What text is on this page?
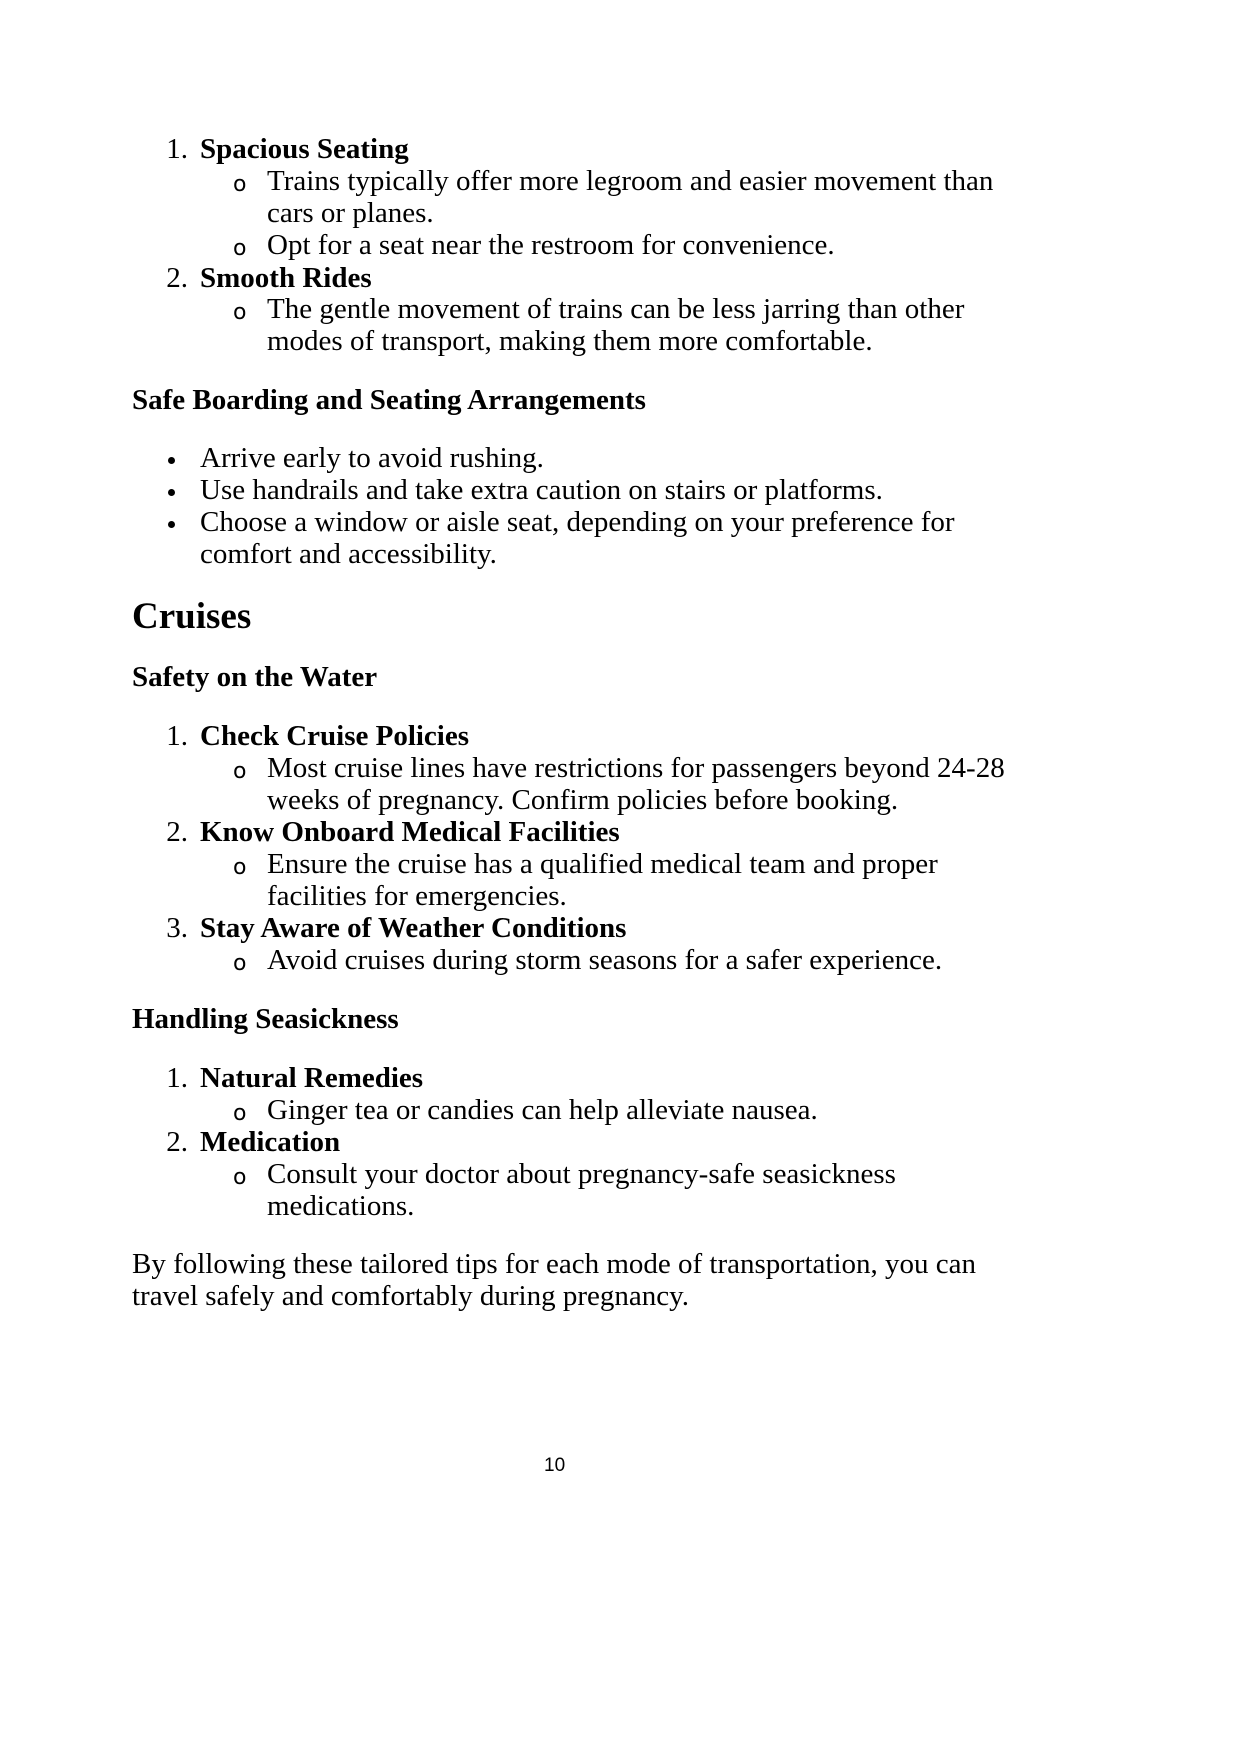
1. Spacious Seating
o Trains typically offer more legroom and easier movement than
cars or planes.
o Opt for a seat near the restroom for convenience.
2. Smooth Rides
o The gentle movement of trains can be less jarring than other
modes of transport, making them more comfortable.
Safe Boarding and Seating Arrangements
Arrive early to avoid rushing.
Use handrails and take extra caution on stairs or platforms.
Choose a window or aisle seat, depending on your preference for
comfort and accessibility.
Cruises
Safety on the Water
1. Check Cruise Policies
o Most cruise lines have restrictions for passengers beyond 24-28
weeks of pregnancy. Confirm policies before booking.
2. Know Onboard Medical Facilities
o Ensure the cruise has a qualified medical team and proper
facilities for emergencies.
3. Stay Aware of Weather Conditions
o Avoid cruises during storm seasons for a safer experience.
Handling Seasickness
1. Natural Remedies
o Ginger tea or candies can help alleviate nausea.
2. Medication
o Consult your doctor about pregnancy-safe seasickness
medications.
By following these tailored tips for each mode of transportation, you can
travel safely and comfortably during pregnancy.
10
